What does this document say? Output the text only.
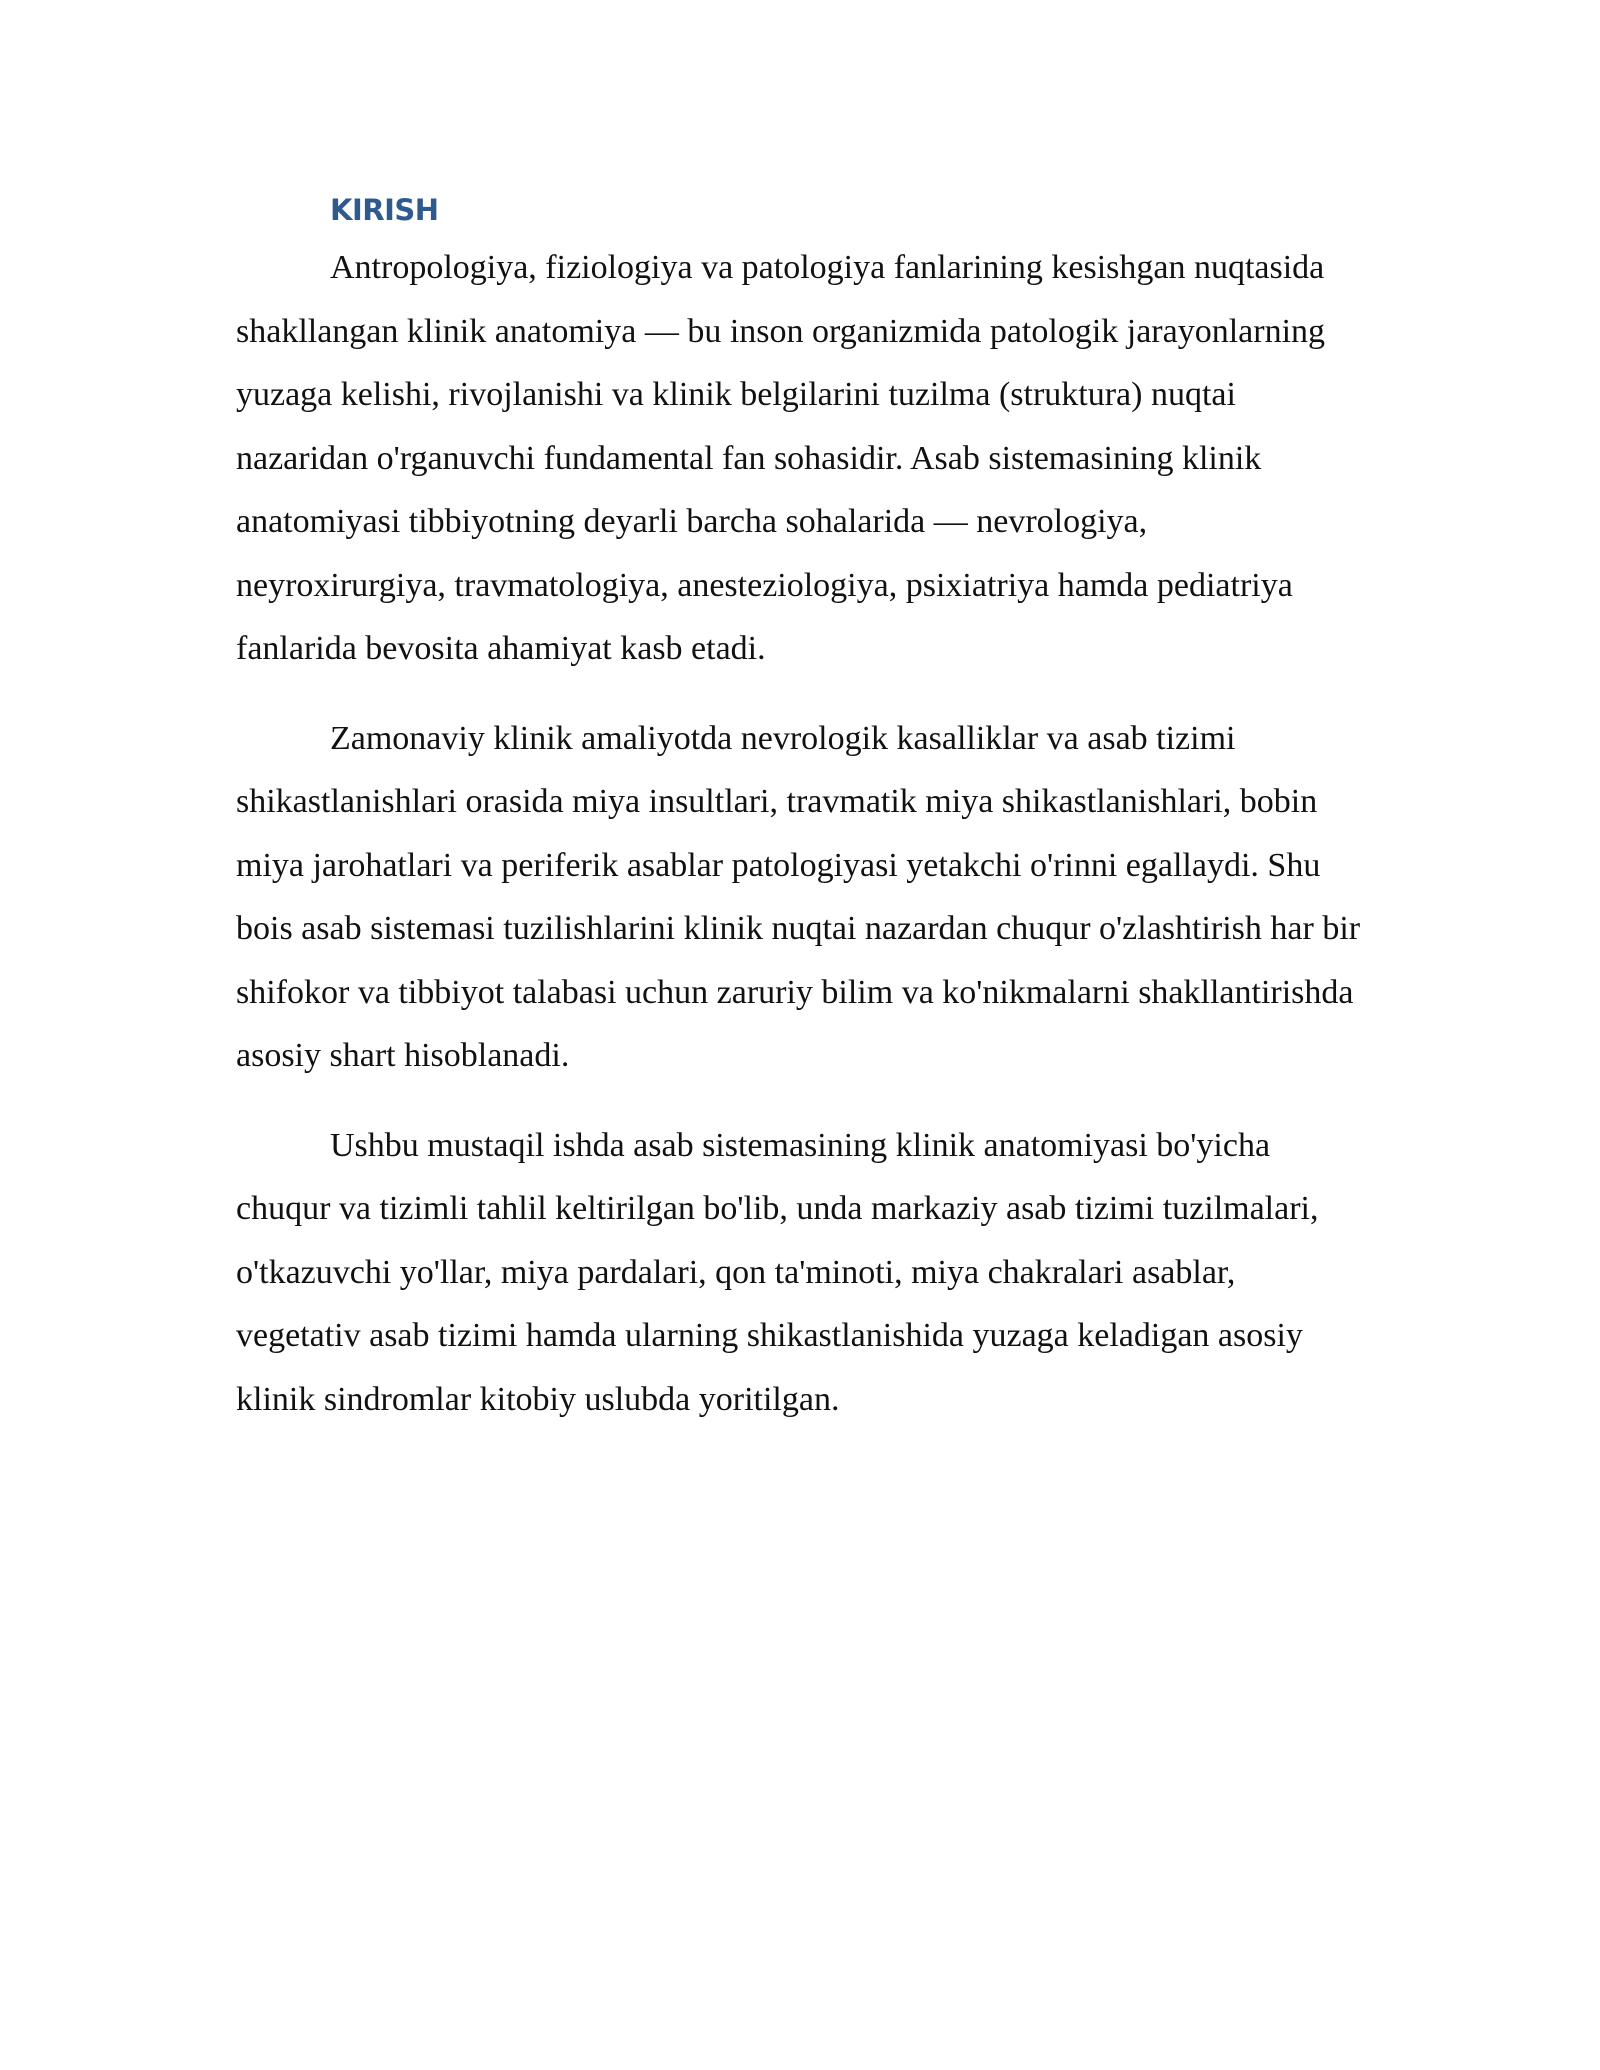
KIRISH

Antropologiya, fiziologiya va patologiya fanlarining kesishgan nuqtasida shakllangan klinik anatomiya — bu inson organizmida patologik jarayonlarning yuzaga kelishi, rivojlanishi va klinik belgilarini tuzilma (struktura) nuqtai nazaridan o'rganuvchi fundamental fan sohasidir. Asab sistemasining klinik anatomiyasi tibbiyotning deyarli barcha sohalarida — nevrologiya, neyroxirurgiya, travmatologiya, anesteziologiya, psixiatriya hamda pediatriya fanlarida bevosita ahamiyat kasb etadi.

Zamonaviy klinik amaliyotda nevrologik kasalliklar va asab tizimi shikastlanishlari orasida miya insultlari, travmatik miya shikastlanishlari, bobin miya jarohatlari va periferik asablar patologiyasi yetakchi o'rinni egallaydi. Shu bois asab sistemasi tuzilishlarini klinik nuqtai nazardan chuqur o'zlashtirish har bir shifokor va tibbiyot talabasi uchun zaruriy bilim va ko'nikmalarni shakllantirishda asosiy shart hisoblanadi.

Ushbu mustaqil ishda asab sistemasining klinik anatomiyasi bo'yicha chuqur va tizimli tahlil keltirilgan bo'lib, unda markaziy asab tizimi tuzilmalari, o'tkazuvchi yo'llar, miya pardalari, qon ta'minoti, miya chakralari asablar, vegetativ asab tizimi hamda ularning shikastlanishida yuzaga keladigan asosiy klinik sindromlar kitobiy uslubda yoritilgan.
